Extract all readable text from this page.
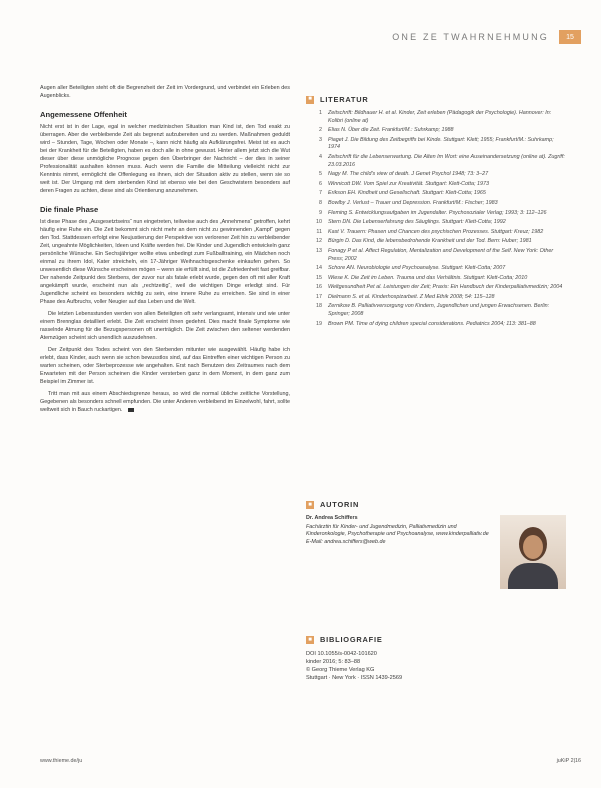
ONE ZE TWAHRNEHMUNG	15

Augen aller Beteiligten steht oft die Begrenzheit der Zeit im Vordergrund, und verbindet ein Erleben des Augenblicks.

Angemessene Offenheit

Nicht erst ist in der Lage, egal in welcher medizinischen Situation man Kind ist, den Tod exakt zu überragen. Aber die verbleibende Zeit als begrenzt aufzubereiten und zu werden. Maßnahmen geduldt wird – Stunden, Tage, Wochen oder Monate –, kann nicht häufig als Aufklärungsfrei. Meist ist es auch bei der Krankheit für die Beteiligten, haben es doch alle in ohne gewusst. Hinter allem jetzt sich die Wut dieser über diese unmögliche Prognose gegen den Überbringer der Nachricht – der dies in seiner Professionalität aushalten können muss. Auch wenn die Familie die Mitteilung vielleicht nicht zur Kenntnis nimmt, ermöglicht die Offenlegung es ihnen, sich der Situation aktiv zu stellen, wenn sie so weit ist. Der Umgang mit dem sterbenden Kind ist ebenso wie bei den Geschwistern besonders auf deren Fragen zu achten, diese sind als Orientierung anzunehmen.

Die finale Phase

Ist diese Phase des „Ausgesetztseins“ nun eingetreten, teilweise auch des „Annehmens“ getroffen, kehrt häufig eine Ruhe ein. Die Zeit bekommt sich nicht mehr an dem nicht zu gewinnenden „Kampf“ gegen den Tod. Stattdessen erfolgt eine Neujustierung der Perspektive von verlorener Zeit hin zu verbleibender Zeit, ungeahnte Möglichkeiten, Ideen und Kräfte werden frei. Die Kinder und Jugendlich entwickeln ganz persönliche Wünsche. Ein Sechsjähriger wollte etwa unbedingt zum Fußballtraining, ein Mädchen noch einmal zu ihrem Idol, Kater streicheln, ein 17-Jähriger Weihnachtsgeschenke einkaufen gehen. So unwesentlich diese Wünsche erscheinen mögen – wenn sie erfüllt sind, ist die Zufriedenheit fast greifbar. Der nahende Zeitpunkt des Sterbens, der zuvor nur als fatale erlebt wurde, gegen den oft mit aller Kraft angekämpft wurde, erscheint nun als „rechtzeitig“, weil die wichtigen Dinge erledigt sind. Für Jugendliche scheint es besonders wichtig zu sein, eine innere Ruhe zu erreichen. Sie sind in einer Phase des Aufbruchs, voller Neugier auf das Leben und die Welt.

Die letzten Lebensstunden werden von allen Beteiligten oft sehr verlangsamt, intensiv und wie unter einem Brennglas detailliert erlebt. Die Zeit erscheint ihnen gedehnt. Dies macht finale Symptome wie rasselnde Atmung für die Bezugspersonen oft unerträglich. Die Zeit zwischen den seltener werdenden Atemzügen scheint sich unendlich auszudehnen.

Der Zeitpunkt des Todes scheint von den Sterbenden mitunter wie ausgewählt. Häufig habe ich erlebt, dass Kinder, auch wenn sie schon bewusstlos sind, auf das Eintreffen einer wichtigen Person zu warten scheinen, oder Sterbeprozesse wie angehalten. Erst nach Benutzen des Zeitraumes nach dem Erwarteten mit der Person scheinen die Kinder versterben ganz in dem Moment, in dem ganz zum Beispiel im Zimmer ist.

Tritt man mit aus einem Abschiedsgrenze heraus, so wird die normal übliche zeitliche Vorstellung, Gegebenen als besonders schnell empfunden. Die unter Anderen verbleibend im Einzelwohl, fahrt, sollte weltweit sich in Bauch ruckartigen.

■ LITERATUR
1 Zeitschrift: Bildhauer H. et al. Kinder, Zeit erleben (Pädagogik der Psychologie). Hannover: In: Kolibri (online at)
2 Elias N. Über die Zeit. Frankfurt/M.: Suhrkamp; 1988
3 Piaget J. Die Bildung des Zeitbegriffs bei Kinde. Stuttgart: Klett; 1955; Frankfurt/M.: Suhrkamp; 1974
4 Zeitschrift für die Lebenserwartung. Die Alten Im Wort: eine Auseinandersetzung (online at). Zugriff: 23.03.2016
5 Nagy M. The child's view of death. J Genet Psychol 1948; 73: 3–27
6 Winnicott DW. Vom Spiel zur Kreativität. Stuttgart: Klett-Cotta; 1973
7 Erikson EH. Kindheit und Gesellschaft. Stuttgart: Klett-Cotta; 1965
8 Bowlby J. Verlust – Trauer und Depression. Frankfurt/M.: Fischer; 1983
9 Fleming S. Entwicklungsaufgaben im Jugendalter. Psychosozialer Verlag; 1993; 3: 112–126
10 Stern DN. Die Lebenserfahrung des Säuglings. Stuttgart: Klett-Cotta; 1992
11 Kast V. Trauern: Phasen und Chancen des psychischen Prozesses. Stuttgart: Kreuz; 1982
12 Bürgin D. Das Kind, die lebensbedrohende Krankheit und der Tod. Bern: Huber; 1981
13 Fonagy P et al. Affect Regulation, Mentalization and Development of the Self. New York: Other Press; 2002
14 Schore AN. Neurobiologie und Psychoanalyse. Stuttgart: Klett-Cotta; 2007
15 Wiese K. Die Zeit im Leben. Trauma und das Verhältnis. Stuttgart: Klett-Cotta; 2010
16 Weltgesundheit Pet al. Leistungen der Zeit; Praxis: Ein Handbuch der Kinderpalliativmedizin; 2004
17 Dielmann S. et al. Kinderhospizarbeit. Z Med Ethik 2008; 54: 115–128
18 Zernikow B. Palliativversorgung von Kindern, Jugendlichen und jungen Erwachsenen. Berlin: Springer; 2008
19 Brown PM. Time of dying children special considerations. Pediatrics 2004; 113: 381–88
■ AUTORIN
Dr. Andrea Schiffers
Fachärztin für Kinder- und Jugendmedizin, Palliativmedizin und Kinderonkologie, Psychotherapie und Psychoanalyse, www.kinderpalliativ.de
E-Mail: andrea.schiffers@web.de
■ BIBLIOGRAFIE
DOI 10.1055/s-0042-101620
kinder 2016; 5: 83–88
© Georg Thieme Verlag KG
Stuttgart · New York · ISSN 1439-2569
www.thieme.de/ju	juKiP 2|16
